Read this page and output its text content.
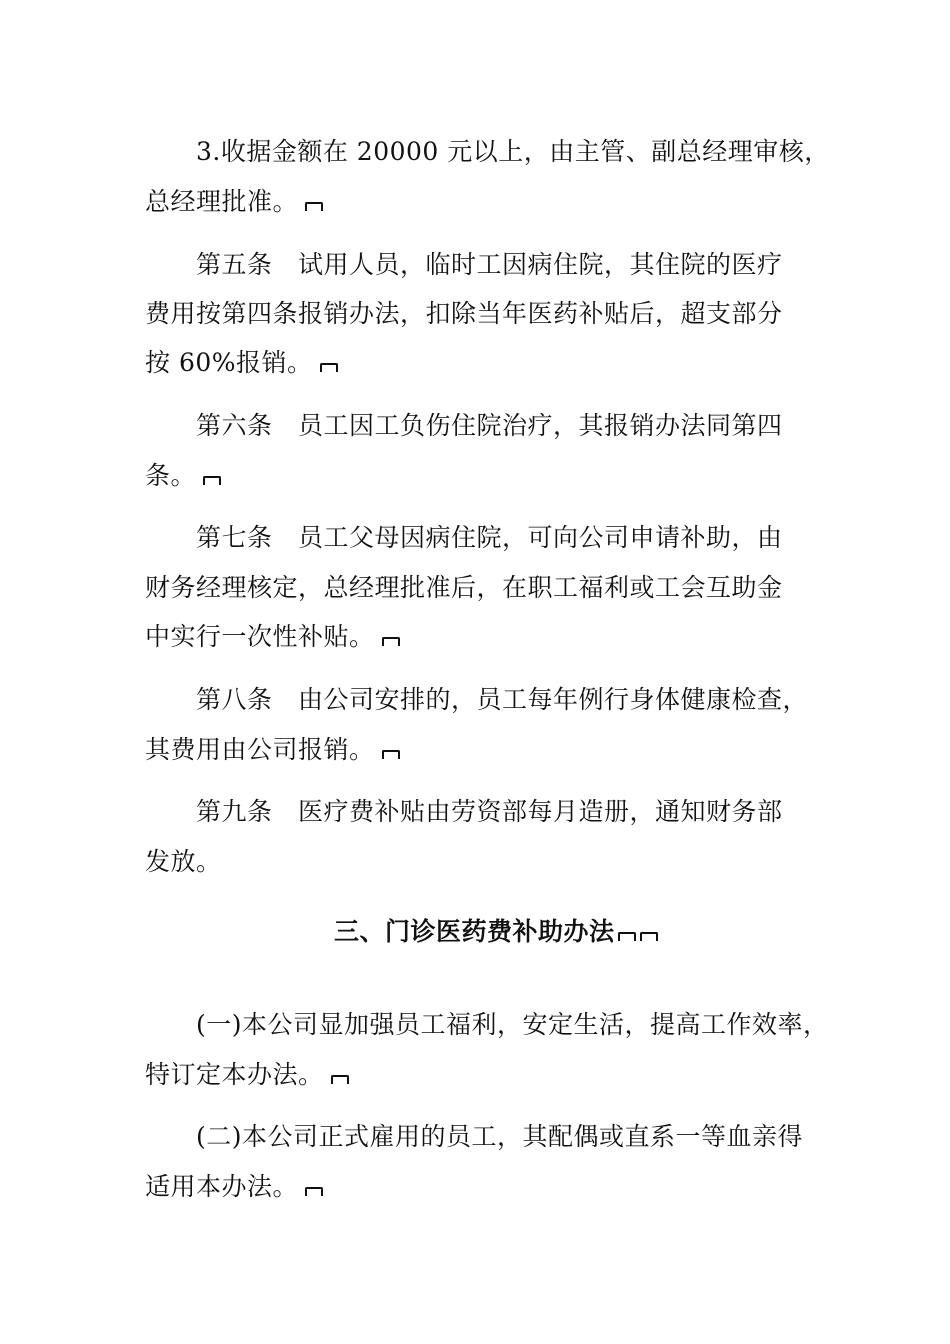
3.收据金额在 20000 元以上，由主管、副总经理审核，
总经理批准。
第五条　试用人员，临时工因病住院，其住院的医疗
费用按第四条报销办法，扣除当年医药补贴后，超支部分
按 60%报销。
第六条　员工因工负伤住院治疗，其报销办法同第四
条。
第七条　员工父母因病住院，可向公司申请补助，由
财务经理核定，总经理批准后，在职工福利或工会互助金
中实行一次性补贴。
第八条　由公司安排的，员工每年例行身体健康检查，
其费用由公司报销。
第九条　医疗费补贴由劳资部每月造册，通知财务部
发放。
三、门诊医药费补助办法
(一)本公司显加强员工福利，安定生活，提高工作效率，
特订定本办法。
(二)本公司正式雇用的员工，其配偶或直系一等血亲得
适用本办法。
